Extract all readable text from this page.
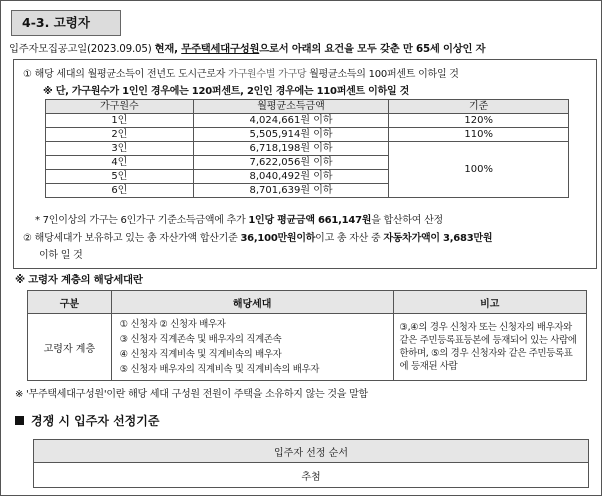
4-3. 고령자
입주자모집공고일(2023.09.05) 현재, 무주택세대구성원으로서 아래의 요건을 모두 갖춘 만 65세 이상인 자
① 해당 세대의 월평균소득이 전년도 도시근로자 가구원수별 가구당 월평균소득의 100퍼센트 이하일 것
※ 단, 가구원수가 1인인 경우에는 120퍼센트, 2인인 경우에는 110퍼센트 이하일 것
가구원수	월평균소득금액	기준
1인	4,024,661원 이하	120%
2인	5,505,914원 이하	110%
3인	6,718,198원 이하	100%
4인	7,622,056원 이하	
5인	8,040,492원 이하	
6인	8,701,639원 이하	
* 7인이상의 가구는 6인가구 기준소득금액에 추가 1인당 평균금액 661,147원을 합산하여 산정
② 해당세대가 보유하고 있는 총 자산가액 합산기준 36,100만원이하이고 총 자산 중 자동차가액이 3,683만원
이하 일 것
※ 고령자 계층의 해당세대란
구분	해당세대	비고
고령자 계층	① 신청자 ② 신청자 배우자
③ 신청자 직계존속 및 배우자의 직계존속
④ 신청자 직계비속 및 직계비속의 배우자
⑤ 신청자 배우자의 직계비속 및 직계비속의 배우자	③,④의 경우 신청자 또는 신청자의 배우자와 같은 주민등록표등본에 등재되어 있는 사람에 한하며, ⑤의 경우 신청자와 같은 주민등록표에 등재된 사람
※ '무주택세대구성원'이란 해당 세대 구성원 전원이 주택을 소유하지 않는 것을 말함
경쟁 시 입주자 선정기준
입주자 선정 순서
추첨
